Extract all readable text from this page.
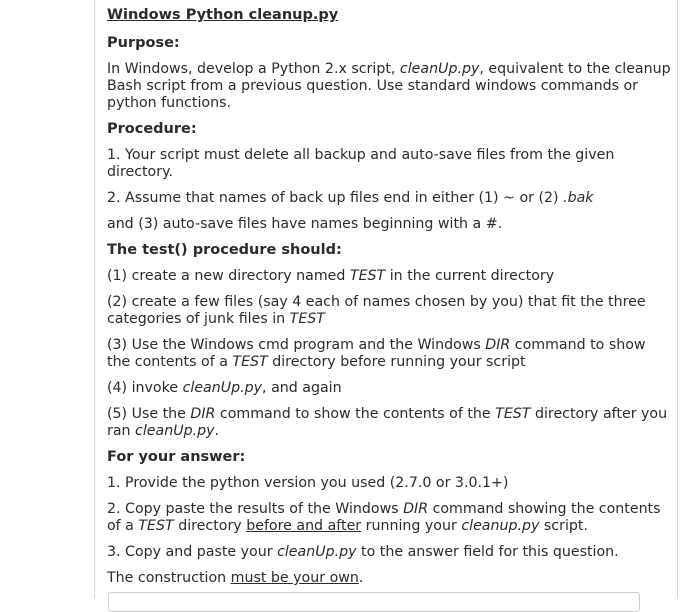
Windows Python cleanup.py

Purpose:

In Windows, develop a Python 2.x script, cleanUp.py, equivalent to the cleanup Bash script from a previous question. Use standard windows commands or python functions.

Procedure:

1. Your script must delete all backup and auto-save files from the given directory.

2. Assume that names of back up files end in either (1) ~ or (2) .bak

and (3) auto-save files have names beginning with a #.

The test() procedure should:

(1) create a new directory named TEST in the current directory

(2) create a few files (say 4 each of names chosen by you) that fit the three categories of junk files in TEST

(3) Use the Windows cmd program and the Windows DIR command to show the contents of a TEST directory before running your script

(4) invoke cleanUp.py, and again

(5) Use the DIR command to show the contents of the TEST directory after you ran cleanUp.py.

For your answer:

1. Provide the python version you used (2.7.0 or 3.0.1+)

2. Copy paste the results of the Windows DIR command showing the contents of a TEST directory before and after running your cleanup.py script.

3. Copy and paste your cleanUp.py to the answer field for this question.

The construction must be your own.
